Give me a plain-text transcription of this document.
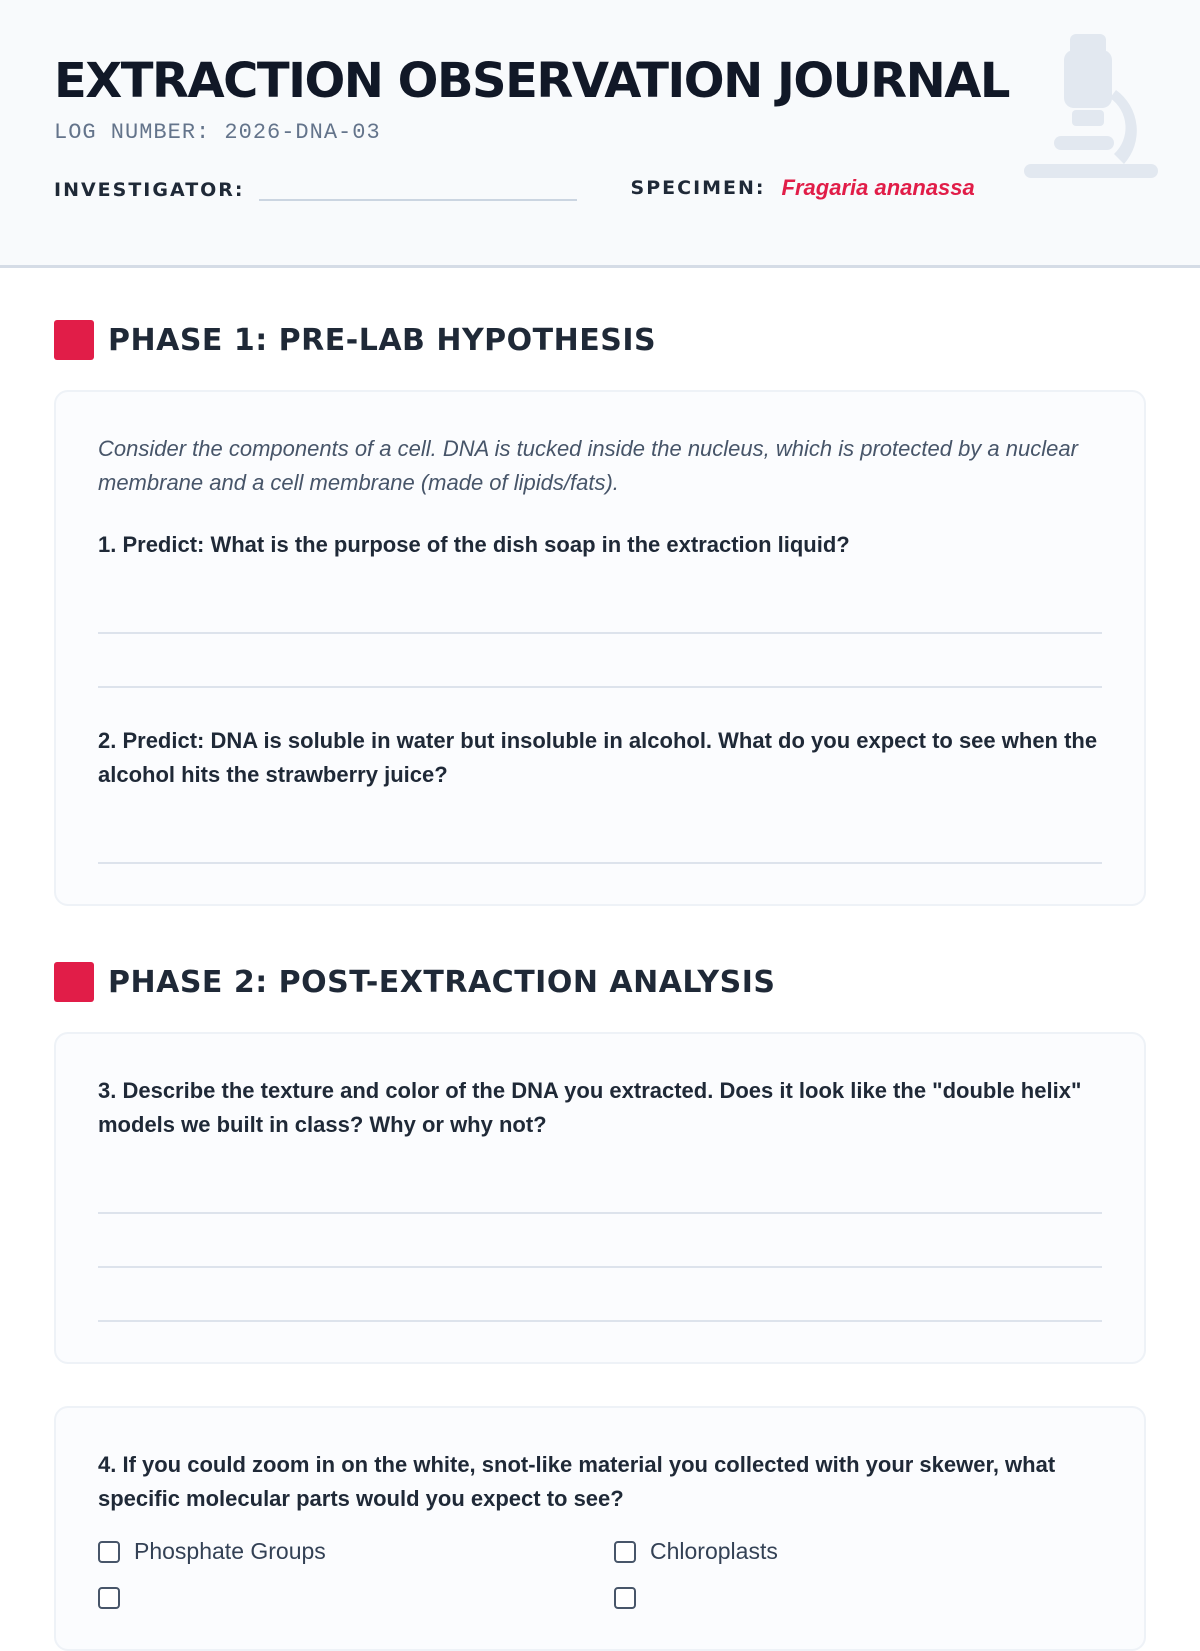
EXTRACTION OBSERVATION JOURNAL
LOG NUMBER: 2026-DNA-03
INVESTIGATOR:	SPECIMEN: Fragaria ananassa
PHASE 1: PRE-LAB HYPOTHESIS

Consider the components of a cell. DNA is tucked inside the nucleus, which is protected by a nuclear membrane and a cell membrane (made of lipids/fats).

1. Predict: What is the purpose of the dish soap in the extraction liquid?

2. Predict: DNA is soluble in water but insoluble in alcohol. What do you expect to see when the alcohol hits the strawberry juice?

PHASE 2: POST-EXTRACTION ANALYSIS

3. Describe the texture and color of the DNA you extracted. Does it look like the "double helix" models we built in class? Why or why not?

4. If you could zoom in on the white, snot-like material you collected with your skewer, what specific molecular parts would you expect to see?

Phosphate Groups	Chloroplasts
